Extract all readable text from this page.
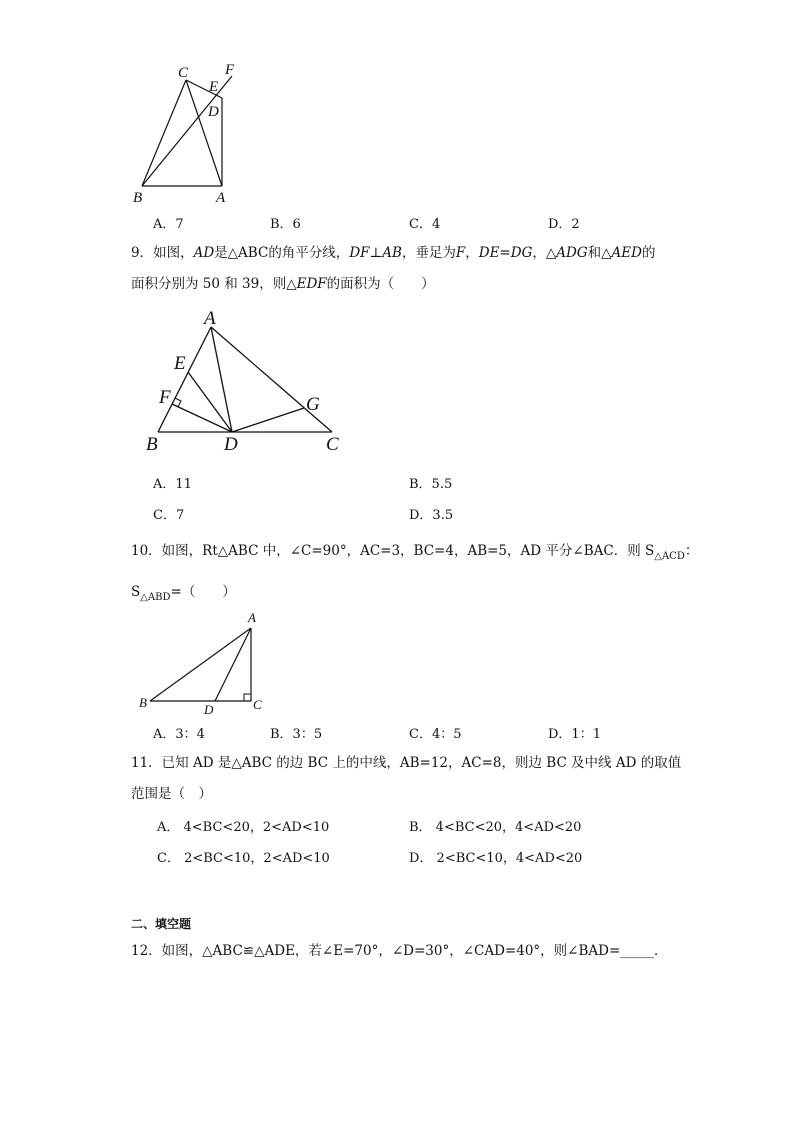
C
E
F
D
B	A
A．7	B．6	C．4	D．2
9．如图，AD是△ABC的角平分线，DF⊥AB，垂足为F，DE=DG，△ADG和△AED的
面积分别为 50 和 39，则△EDF的面积为（　　）
A
E
F	G
B	D	C
A．11	B．5.5
C．7	D．3.5
10．如图，Rt△ABC 中，∠C=90°，AC=3，BC=4，AB=5，AD 平分∠BAC．则 $S_{\triangle ACD}$：
$S_{\triangle ABD}=$（　　）
A
B	D	C
A．3：4	B．3：5	C．4：5	D．1：1
11．已知 AD 是△ABC 的边 BC 上的中线，AB=12，AC=8，则边 BC 及中线 AD 的取值
范围是（　）
A． 4<BC<20，2<AD<10	B． 4<BC<20，4<AD<20
C． 2<BC<10，2<AD<10	D． 2<BC<10，4<AD<20
二、填空题
12．如图，△ABC≌△ADE，若∠E=70°，∠D=30°，∠CAD=40°，则∠BAD=_____．
